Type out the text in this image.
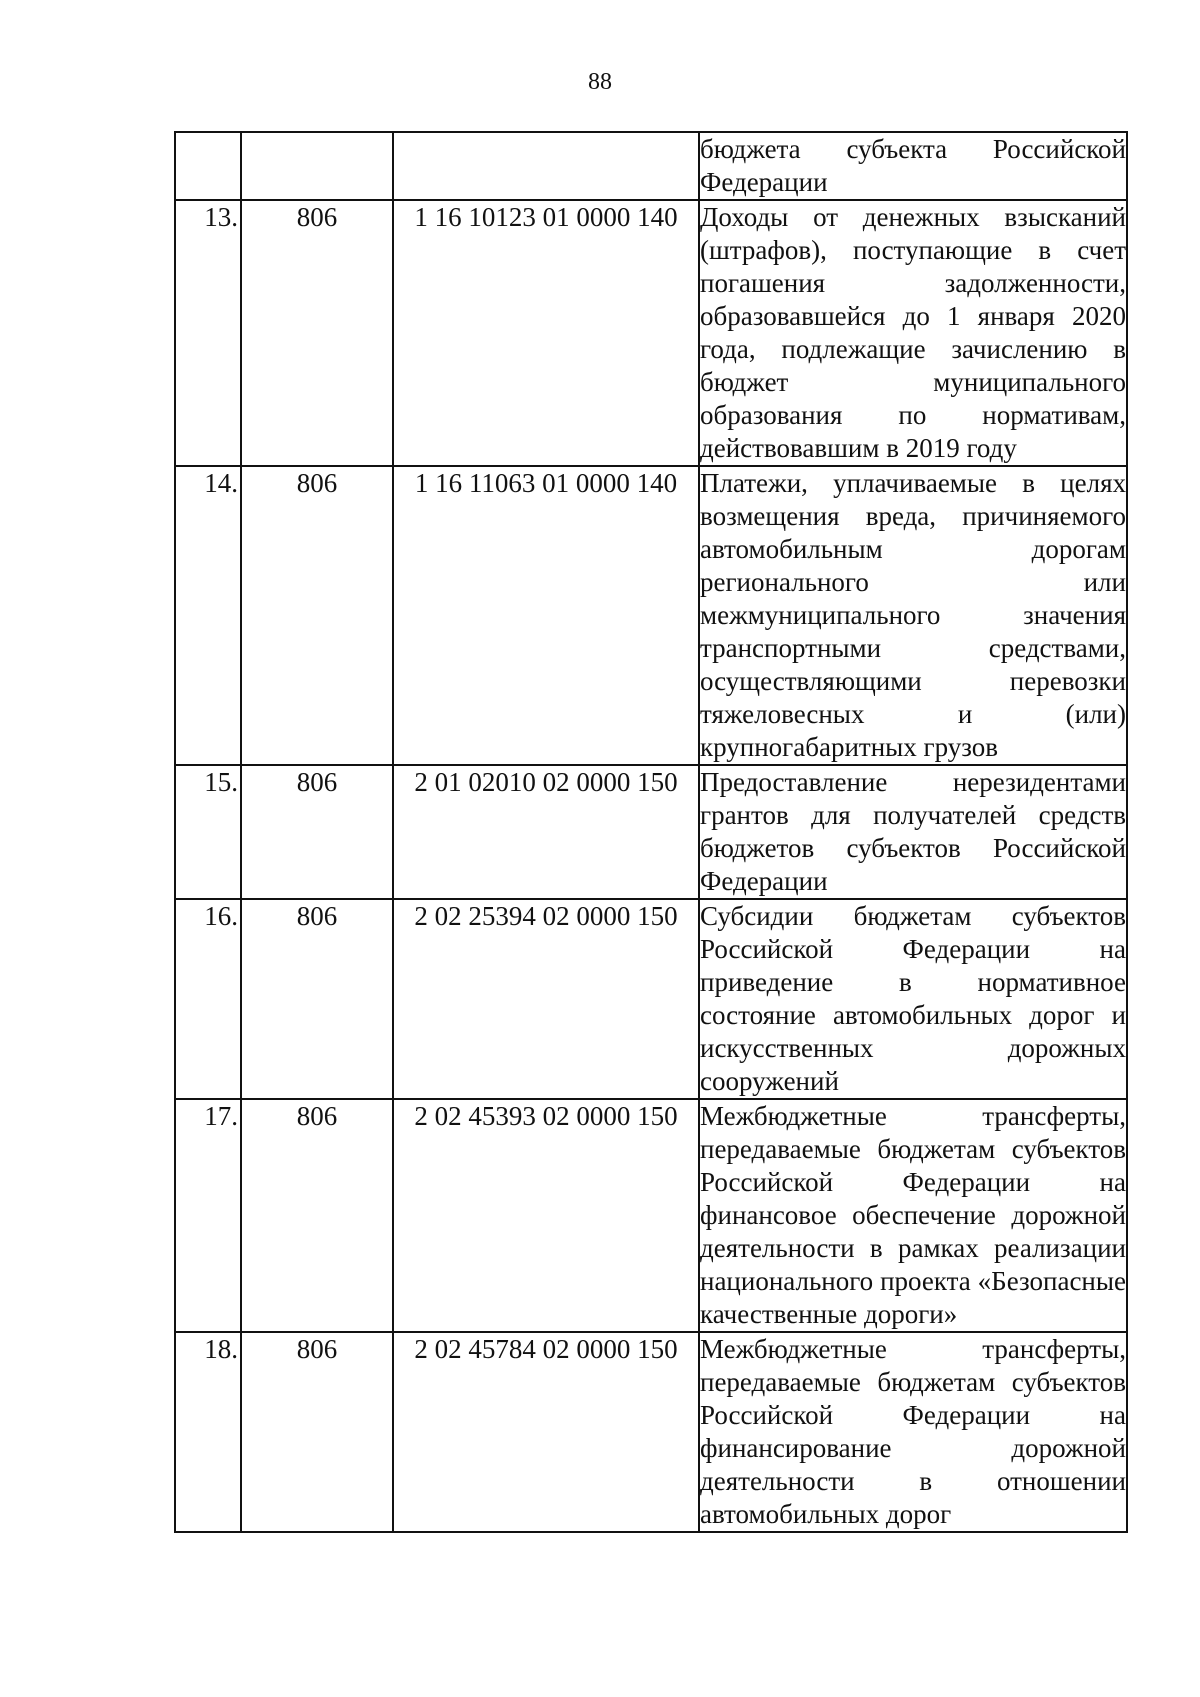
88
			бюджета субъекта Российской Федерации
13.	806	1 16 10123 01 0000 140	Доходы от денежных взысканий (штрафов), поступающие в счет погашения задолженности, образовавшейся до 1 января 2020 года, подлежащие зачислению в бюджет муниципального образования по нормативам, действовавшим в 2019 году
14.	806	1 16 11063 01 0000 140	Платежи, уплачиваемые в целях возмещения вреда, причиняемого автомобильным дорогам регионального или межмуниципального значения транспортными средствами, осуществляющими перевозки тяжеловесных и (или) крупногабаритных грузов
15.	806	2 01 02010 02 0000 150	Предоставление нерезидентами грантов для получателей средств бюджетов субъектов Российской Федерации
16.	806	2 02 25394 02 0000 150	Субсидии бюджетам субъектов Российской Федерации на приведение в нормативное состояние автомобильных дорог и искусственных дорожных сооружений
17.	806	2 02 45393 02 0000 150	Межбюджетные трансферты, передаваемые бюджетам субъектов Российской Федерации на финансовое обеспечение дорожной деятельности в рамках реализации национального проекта «Безопасные качественные дороги»
18.	806	2 02 45784 02 0000 150	Межбюджетные трансферты, передаваемые бюджетам субъектов Российской Федерации на финансирование дорожной деятельности в отношении автомобильных дорог
